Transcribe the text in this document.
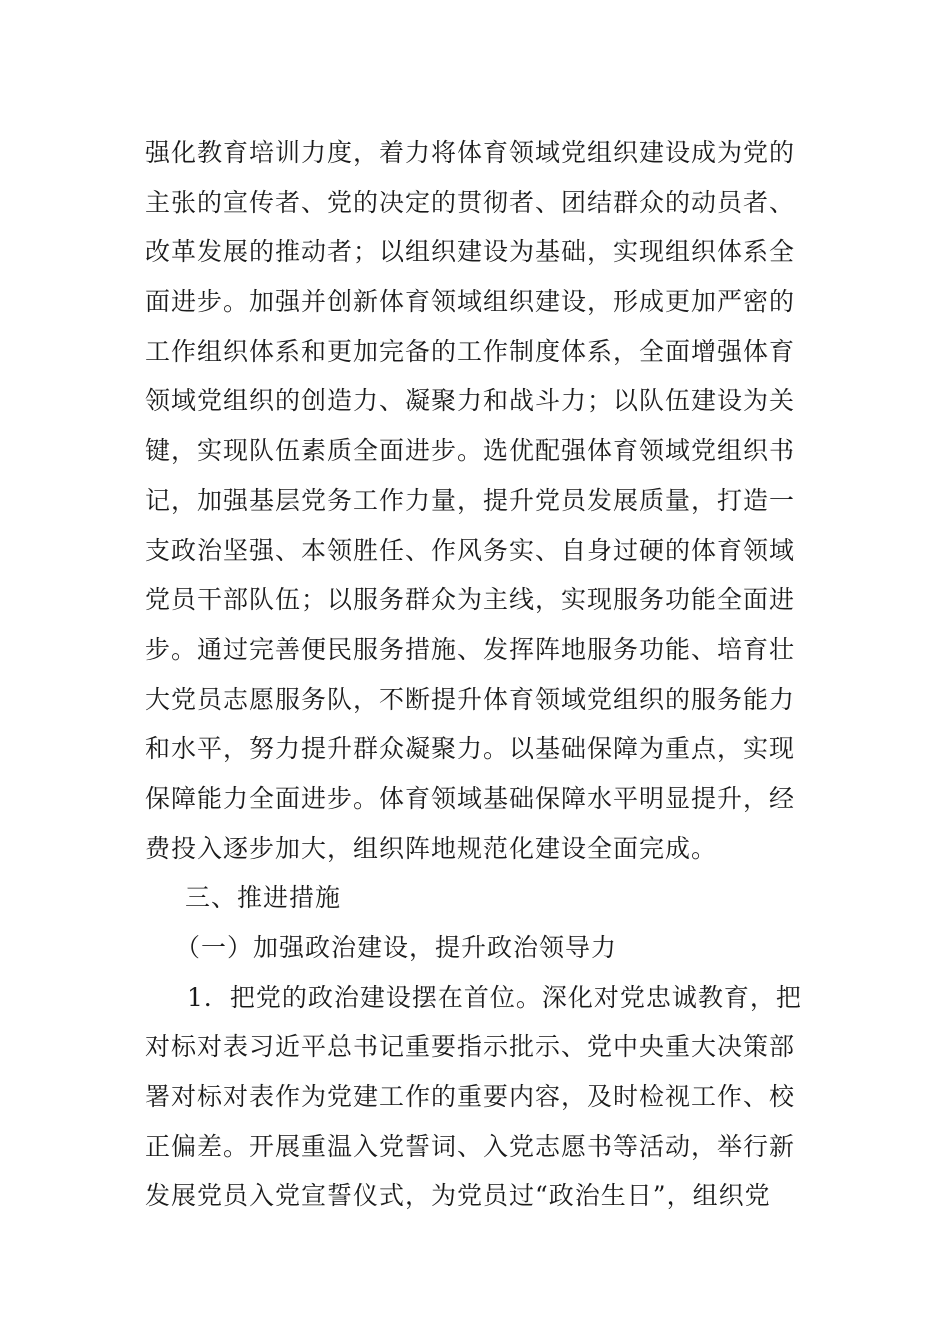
强化教育培训力度，着力将体育领域党组织建设成为党的
主张的宣传者、党的决定的贯彻者、团结群众的动员者、
改革发展的推动者；以组织建设为基础，实现组织体系全
面进步。加强并创新体育领域组织建设，形成更加严密的
工作组织体系和更加完备的工作制度体系，全面增强体育
领域党组织的创造力、凝聚力和战斗力；以队伍建设为关
键，实现队伍素质全面进步。选优配强体育领域党组织书
记，加强基层党务工作力量，提升党员发展质量，打造一
支政治坚强、本领胜任、作风务实、自身过硬的体育领域
党员干部队伍；以服务群众为主线，实现服务功能全面进
步。通过完善便民服务措施、发挥阵地服务功能、培育壮
大党员志愿服务队，不断提升体育领域党组织的服务能力
和水平，努力提升群众凝聚力。以基础保障为重点，实现
保障能力全面进步。体育领域基础保障水平明显提升，经
费投入逐步加大，组织阵地规范化建设全面完成。
三、推进措施
（一）加强政治建设，提升政治领导力
1．把党的政治建设摆在首位。深化对党忠诚教育，把
对标对表习近平总书记重要指示批示、党中央重大决策部
署对标对表作为党建工作的重要内容，及时检视工作、校
正偏差。开展重温入党誓词、入党志愿书等活动，举行新
发展党员入党宣誓仪式，为党员过“政治生日”，组织党
